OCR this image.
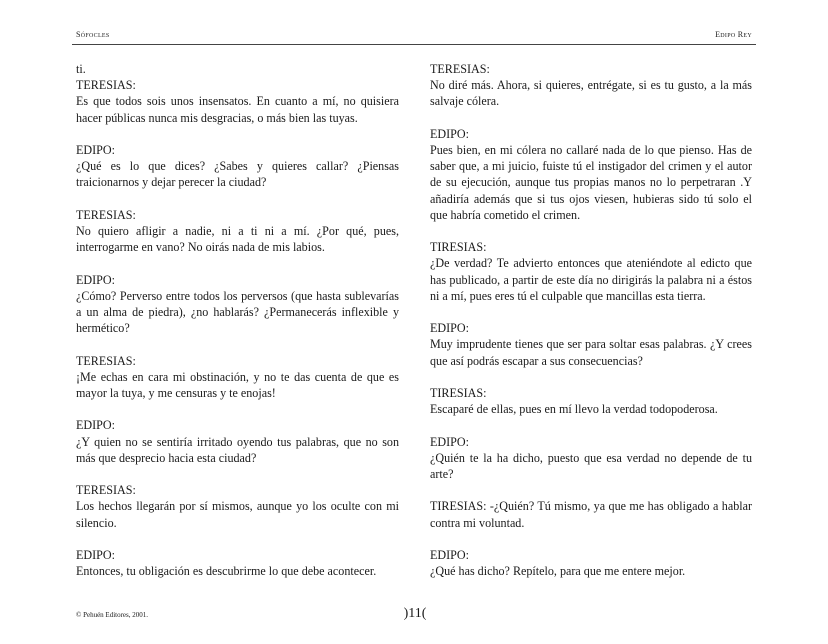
Sófocles	Edipo Rey
ti.
TERESIAS:
Es que todos sois unos insensatos. En cuanto a mí, no quisiera hacer públicas nunca mis desgracias, o más bien las tuyas.
EDIPO:
¿Qué es lo que dices? ¿Sabes y quieres callar? ¿Piensas traicionarnos y dejar perecer la ciudad?
TERESIAS:
No quiero afligir a nadie, ni a ti ni a mí. ¿Por qué, pues, interrogarme en vano? No oirás nada de mis labios.
EDIPO:
¿Cómo? Perverso entre todos los perversos (que hasta sublevarías a un alma de piedra), ¿no hablarás? ¿Permanecerás inflexible y hermético?
TERESIAS:
¡Me echas en cara mi obstinación, y no te das cuenta de que es mayor la tuya, y me censuras y te enojas!
EDIPO:
¿Y quien no se sentiría irritado oyendo tus palabras, que no son más que desprecio hacia esta ciudad?
TERESIAS:
Los hechos llegarán por sí mismos, aunque yo los oculte con mi silencio.
EDIPO:
Entonces, tu obligación es descubrirme lo que debe acontecer.
TERESIAS:
No diré más. Ahora, si quieres, entrégate, si es tu gusto, a la más salvaje cólera.
EDIPO:
Pues bien, en mi cólera no callaré nada de lo que pienso. Has de saber que, a mi juicio, fuiste tú el instigador del crimen y el autor de su ejecución, aunque tus propias manos no lo perpetraran .Y añadiría además que si tus ojos viesen, hubieras sido tú solo el que habría cometido el crimen.
TIRESIAS:
¿De verdad? Te advierto entonces que ateniéndote al edicto que has publicado, a partir de este día no dirigirás la palabra ni a éstos ni a mí, pues eres tú el culpable que mancillas esta tierra.
EDIPO:
Muy imprudente tienes que ser para soltar esas palabras. ¿Y crees que así podrás escapar a sus consecuencias?
TIRESIAS:
Escaparé de ellas, pues en mí llevo la verdad todopoderosa.
EDIPO:
¿Quién te la ha dicho, puesto que esa verdad no depende de tu arte?
TIRESIAS: -¿Quién? Tú mismo, ya que me has obligado a hablar contra mi voluntad.
EDIPO:
¿Qué has dicho? Repítelo, para que me entere mejor.
© Pehuén Editores, 2001.	)11(
